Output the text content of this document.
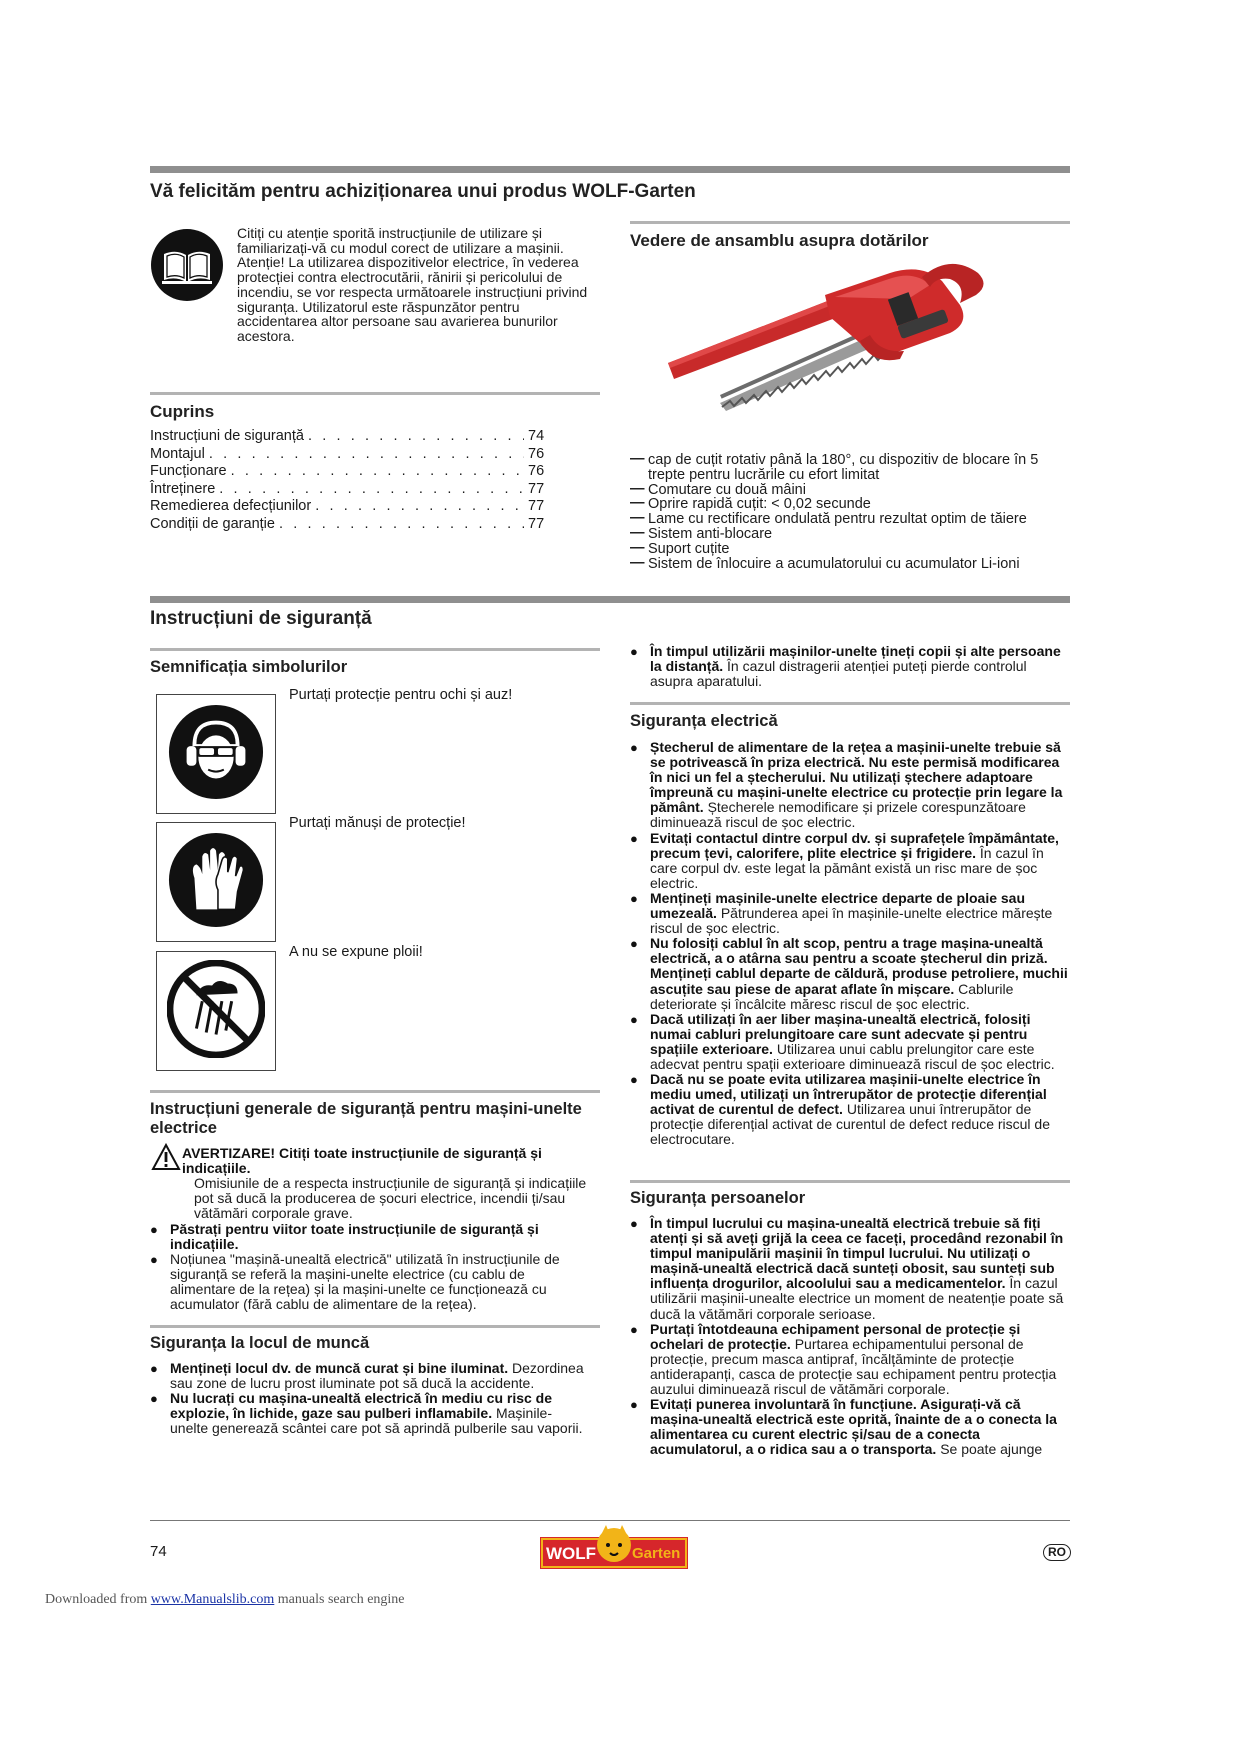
Vă felicităm pentru achiziționarea unui produs WOLF-Garten
Citiți cu atenție sporită instrucțiunile de utilizare și familiarizați-vă cu modul corect de utilizare a mașinii. Atenție! La utilizarea dispozitivelor electrice, în vederea protecției contra electrocutării, rănirii și pericolului de incendiu, se vor respecta următoarele instrucțiuni privind siguranța. Utilizatorul este răspunzător pentru accidentarea altor persoane sau avarierea bunurilor acestora.
Vedere de ansamblu asupra dotărilor
— cap de cuțit rotativ până la 180°, cu dispozitiv de blocare în 5 trepte pentru lucrările cu efort limitat
— Comutare cu două mâini
— Oprire rapidă cuțit: < 0,02 secunde
— Lame cu rectificare ondulată pentru rezultat optim de tăiere
— Sistem anti-blocare
— Suport cuțite
— Sistem de înlocuire a acumulatorului cu acumulator Li-ioni
Cuprins
Instrucțiuni de siguranță . . .	74
Montajul . . .	76
Funcționare . . .	76
Întreținere . . .	77
Remedierea defecțiunilor . . .	77
Condiții de garanție . . .	77
Instrucțiuni de siguranță
Semnificația simbolurilor
Purtați protecție pentru ochi și auz!
Purtați mănuși de protecție!
A nu se expune ploii!
Instrucțiuni generale de siguranță pentru mașini-unelte electrice
AVERTIZARE! Citiți toate instrucțiunile de siguranță și indicațiile.
Omisiunile de a respecta instrucțiunile de siguranță și indicațiile pot să ducă la producerea de șocuri electrice, incendii ți/sau vătămări corporale grave.
● Păstrați pentru viitor toate instrucțiunile de siguranță și indicațiile.
● Noțiunea "mașină-unealtă electrică" utilizată în instrucțiunile de siguranță se referă la mașini-unelte electrice (cu cablu de alimentare de la rețea) și la mașini-unelte ce funcționează cu acumulator (fără cablu de alimentare de la rețea).
Siguranța la locul de muncă
● Mențineți locul dv. de muncă curat și bine iluminat. Dezordinea sau zone de lucru prost iluminate pot să ducă la accidente.
● Nu lucrați cu mașina-unealtă electrică în mediu cu risc de explozie, în lichide, gaze sau pulberi inflamabile. Mașinile-unelte generează scântei care pot să aprindă pulberile sau vaporii.
● În timpul utilizării mașinilor-unelte țineți copii și alte persoane la distanță. În cazul distragerii atenției puteți pierde controlul asupra aparatului.
Siguranța electrică
● Ștecherul de alimentare de la rețea a mașinii-unelte trebuie să se potrivească în priza electrică. Nu este permisă modificarea în nici un fel a ștecherului. Nu utilizați ștechere adaptoare împreună cu mașini-unelte electrice cu protecție prin legare la pământ. Ștecherele nemodificare și prizele corespunzătoare diminuează riscul de șoc electric.
● Evitați contactul dintre corpul dv. și suprafețele împământate, precum țevi, calorifere, plite electrice și frigidere. În cazul în care corpul dv. este legat la pământ există un risc mare de șoc electric.
● Mențineți mașinile-unelte electrice departe de ploaie sau umezeală. Pătrunderea apei în mașinile-unelte electrice mărește riscul de șoc electric.
● Nu folosiți cablul în alt scop, pentru a trage mașina-unealtă electrică, a o atârna sau pentru a scoate ștecherul din priză. Mențineți cablul departe de căldură, produse petroliere, muchii ascuțite sau piese de aparat aflate în mișcare. Cablurile deteriorate și încâlcite măresc riscul de șoc electric.
● Dacă utilizați în aer liber mașina-unealtă electrică, folosiți numai cabluri prelungitoare care sunt adecvate și pentru spațiile exterioare. Utilizarea unui cablu prelungitor care este adecvat pentru spații exterioare diminuează riscul de șoc electric.
● Dacă nu se poate evita utilizarea mașinii-unelte electrice în mediu umed, utilizați un întrerupător de protecție diferențial activat de curentul de defect. Utilizarea unui întrerupător de protecție diferențial activat de curentul de defect reduce riscul de electrocutare.
Siguranța persoanelor
● În timpul lucrului cu mașina-unealtă electrică trebuie să fiți atenți și să aveți grijă la ceea ce faceți, procedând rezonabil în timpul manipulării mașinii în timpul lucrului. Nu utilizați o mașină-unealtă electrică dacă sunteți obosit, sau sunteți sub influența drogurilor, alcoolului sau a medicamentelor. În cazul utilizării mașinii-unealte electrice un moment de neatenție poate să ducă la vătămări corporale serioase.
● Purtați întotdeauna echipament personal de protecție și ochelari de protecție. Purtarea echipamentului personal de protecție, precum masca antipraf, încălțăminte de protecție antiderapanți, casca de protecție sau echipament pentru protecția auzului diminuează riscul de vătămări corporale.
● Evitați punerea involuntară în funcțiune. Asigurați-vă că mașina-unealtă electrică este oprită, înainte de a o conecta la alimentarea cu curent electric și/sau de a conecta acumulatorul, a o ridica sau a o transporta. Se poate ajunge
74	WOLF Garten	RO
Downloaded from www.Manualslib.com manuals search engine
